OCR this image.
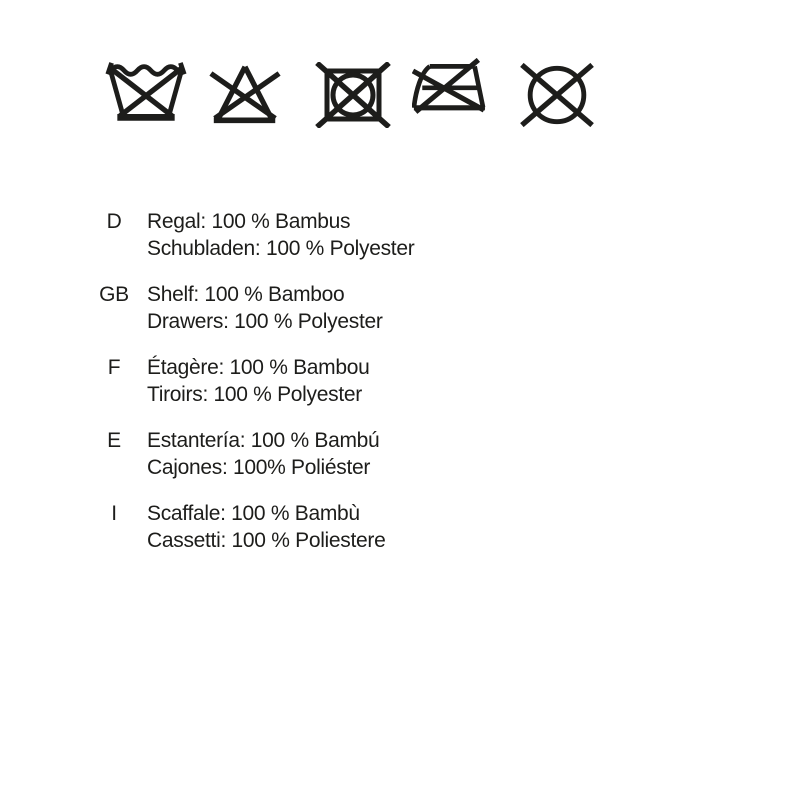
D	Regal: 100 % Bambus
Schubladen: 100 % Polyester
GB Shelf: 100 % Bamboo
Drawers: 100 % Polyester
F	Étagère: 100 % Bambou
Tiroirs: 100 % Polyester
E	Estantería: 100 % Bambú
Cajones: 100% Poliéster
I	Scaffale: 100 % Bambù
Cassetti: 100 % Poliestere
